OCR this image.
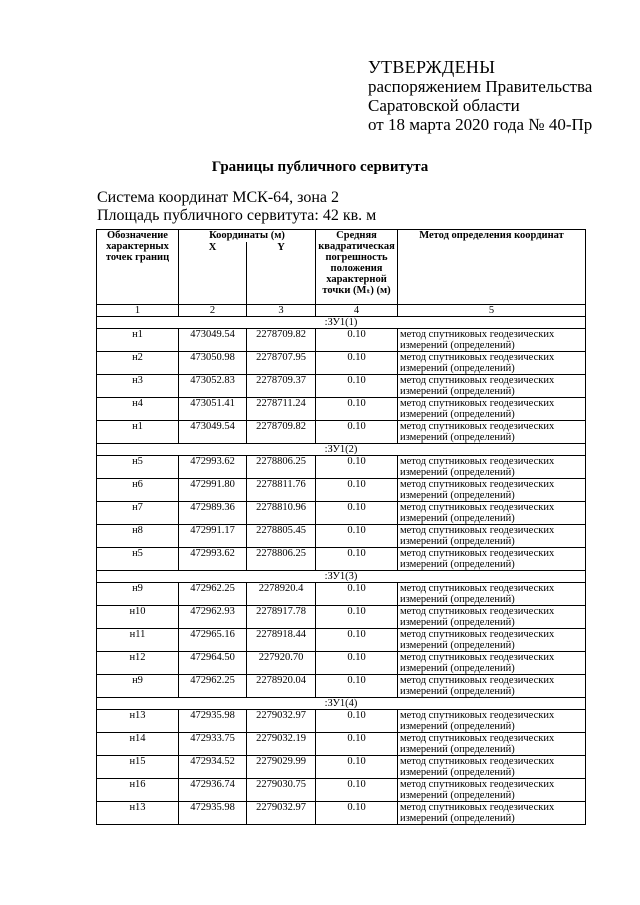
УТВЕРЖДЕНЫ
распоряжением Правительства
Саратовской области
от 18 марта 2020 года № 40-Пр
Границы публичного сервитута
Система координат МСК-64, зона 2
Площадь публичного сервитута: 42 кв. м
Обозначение характерных точек границ	Координаты (м)		Средняя квадратическая погрешность положения характерной точки (Mₜ) (м)	Метод определения координат
	X	Y		
1	2	3	4	5
:ЗУ1(1)				
н1	473049.54	2278709.82	0.10	метод спутниковых геодезических измерений (определений)
н2	473050.98	2278707.95	0.10	метод спутниковых геодезических измерений (определений)
н3	473052.83	2278709.37	0.10	метод спутниковых геодезических измерений (определений)
н4	473051.41	2278711.24	0.10	метод спутниковых геодезических измерений (определений)
н1	473049.54	2278709.82	0.10	метод спутниковых геодезических измерений (определений)
:ЗУ1(2)				
н5	472993.62	2278806.25	0.10	метод спутниковых геодезических измерений (определений)
н6	472991.80	2278811.76	0.10	метод спутниковых геодезических измерений (определений)
н7	472989.36	2278810.96	0.10	метод спутниковых геодезических измерений (определений)
н8	472991.17	2278805.45	0.10	метод спутниковых геодезических измерений (определений)
н5	472993.62	2278806.25	0.10	метод спутниковых геодезических измерений (определений)
:ЗУ1(3)				
н9	472962.25	2278920.4	0.10	метод спутниковых геодезических измерений (определений)
н10	472962.93	2278917.78	0.10	метод спутниковых геодезических измерений (определений)
н11	472965.16	2278918.44	0.10	метод спутниковых геодезических измерений (определений)
н12	472964.50	227920.70	0.10	метод спутниковых геодезических измерений (определений)
н9	472962.25	2278920.04	0.10	метод спутниковых геодезических измерений (определений)
:ЗУ1(4)				
н13	472935.98	2279032.97	0.10	метод спутниковых геодезических измерений (определений)
н14	472933.75	2279032.19	0.10	метод спутниковых геодезических измерений (определений)
н15	472934.52	2279029.99	0.10	метод спутниковых геодезических измерений (определений)
н16	472936.74	2279030.75	0.10	метод спутниковых геодезических измерений (определений)
н13	472935.98	2279032.97	0.10	метод спутниковых геодезических измерений (определений)
